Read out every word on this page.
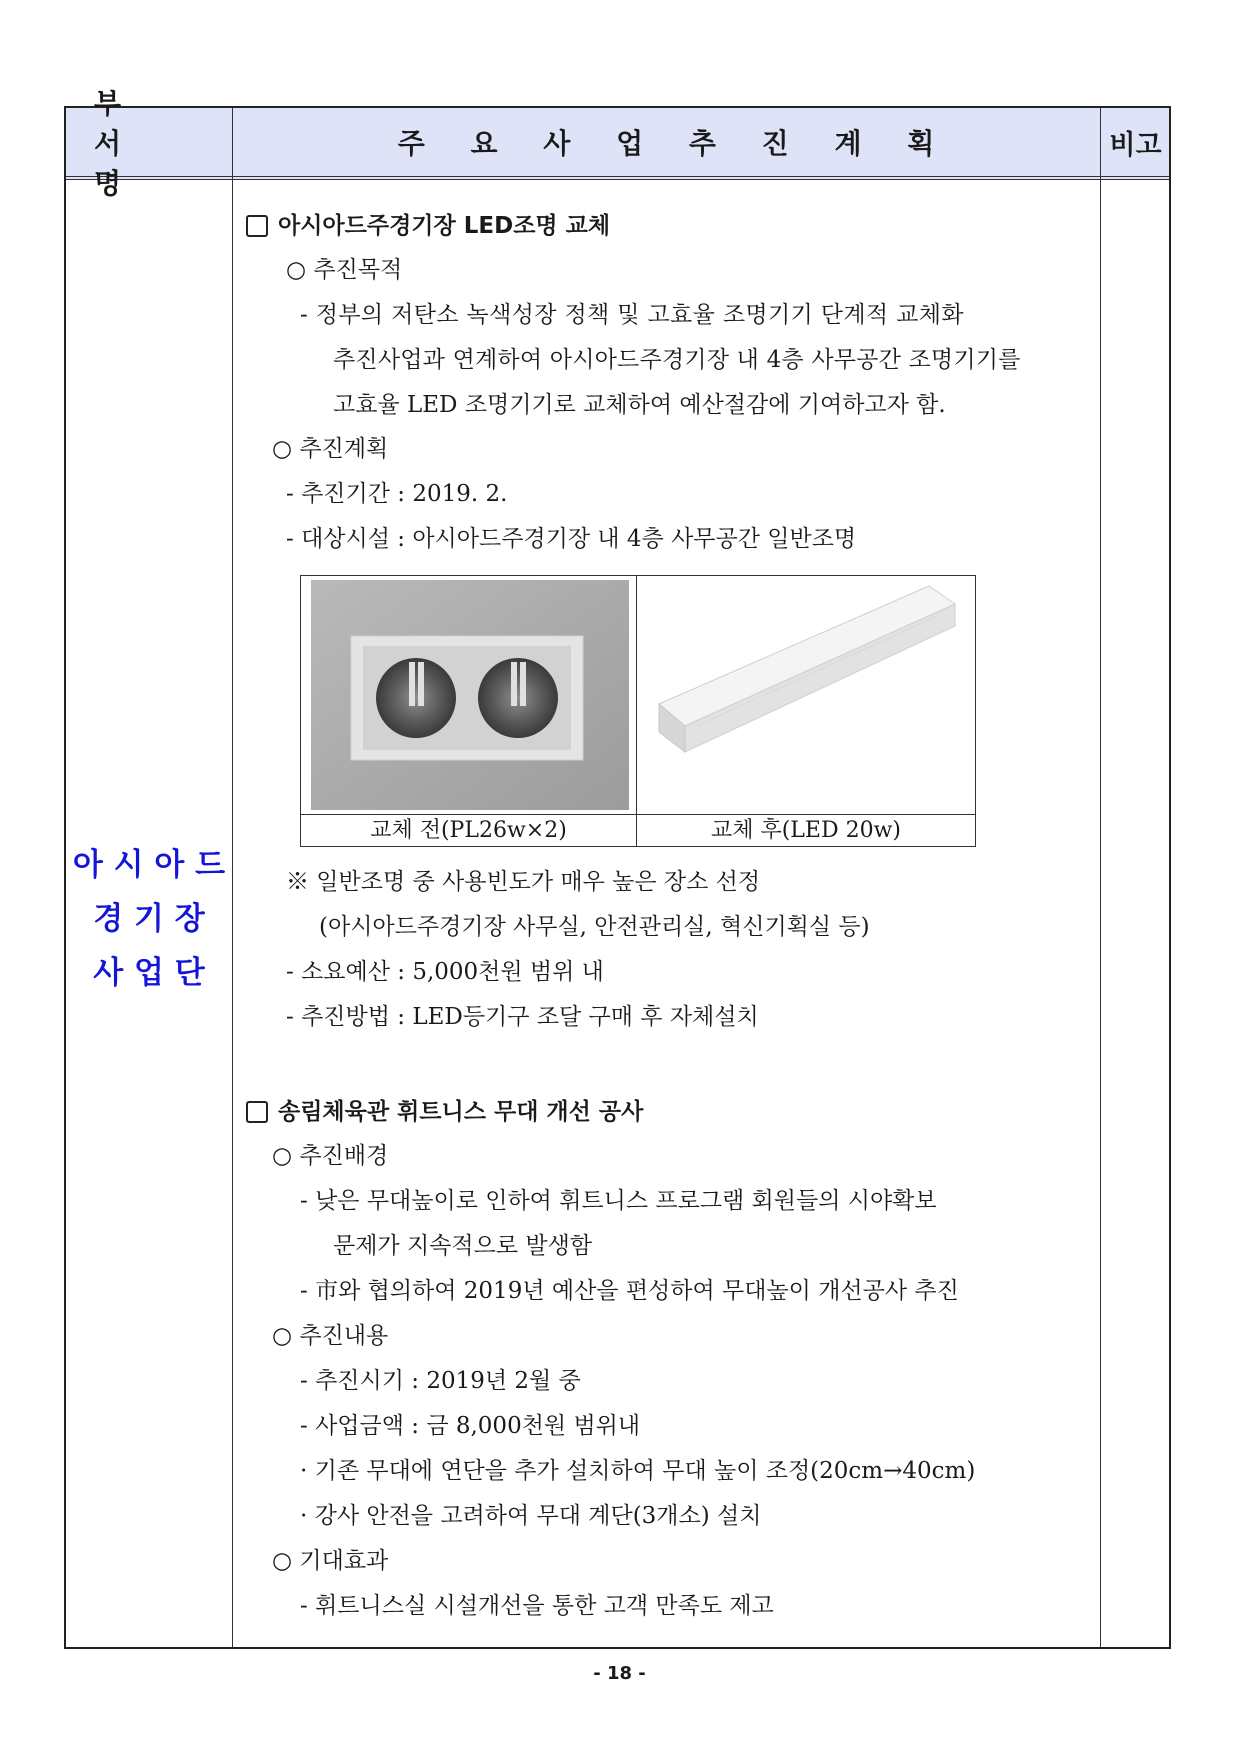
부 서 명
주 요 사 업 추 진 계 획	비고
아 시 아 드
경 기 장
사 업 단
아시아드주경기장 LED조명 교체
○ 추진목적
- 정부의 저탄소 녹색성장 정책 및 고효율 조명기기 단계적 교체화
추진사업과 연계하여 아시아드주경기장 내 4층 사무공간 조명기기를
고효율 LED 조명기기로 교체하여 예산절감에 기여하고자 함.
○ 추진계획
- 추진기간 : 2019. 2.
- 대상시설 : 아시아드주경기장 내 4층 사무공간 일반조명
교체 전(PL26w×2)	교체 후(LED 20w)
※ 일반조명 중 사용빈도가 매우 높은 장소 선정
(아시아드주경기장 사무실, 안전관리실, 혁신기획실 등)
- 소요예산 : 5,000천원 범위 내
- 추진방법 : LED등기구 조달 구매 후 자체설치
송림체육관 휘트니스 무대 개선 공사
○ 추진배경
- 낮은 무대높이로 인하여 휘트니스 프로그램 회원들의 시야확보
문제가 지속적으로 발생함
- 市와 협의하여 2019년 예산을 편성하여 무대높이 개선공사 추진
○ 추진내용
- 추진시기 : 2019년 2월 중
- 사업금액 : 금 8,000천원 범위내
· 기존 무대에 연단을 추가 설치하여 무대 높이 조정(20cm→40cm)
· 강사 안전을 고려하여 무대 계단(3개소) 설치
○ 기대효과
- 휘트니스실 시설개선을 통한 고객 만족도 제고
- 18 -
